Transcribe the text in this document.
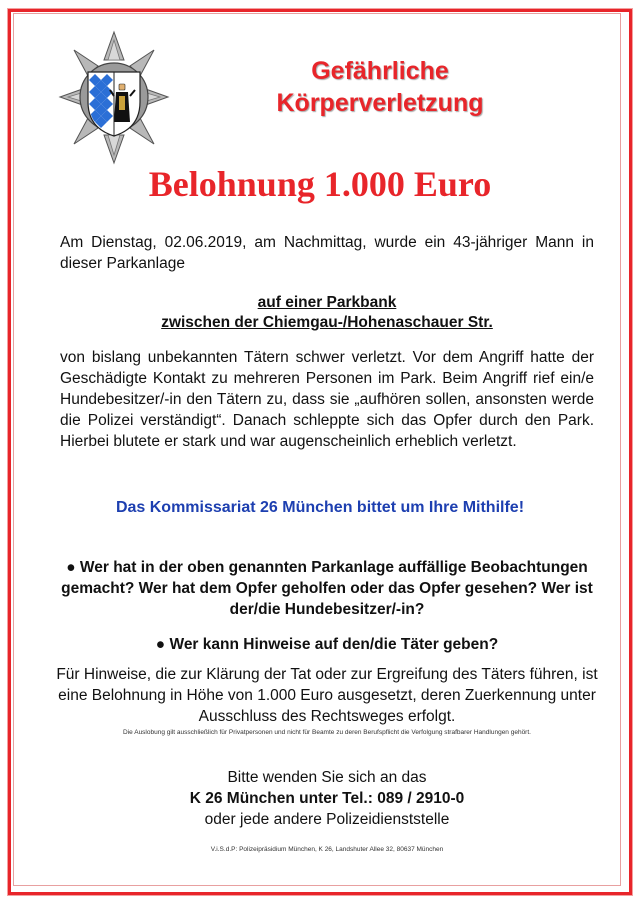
Gefährliche
Körperverletzung
Belohnung 1.000 Euro
Am Dienstag, 02.06.2019, am Nachmittag, wurde ein 43-jähriger Mann in dieser Parkanlage
auf einer Parkbank
zwischen der Chiemgau-/Hohenaschauer Str.
von bislang unbekannten Tätern schwer verletzt. Vor dem Angriff hatte der Geschädigte Kontakt zu mehreren Personen im Park. Beim Angriff rief ein/e Hundebesitzer/-in den Tätern zu, dass sie „aufhören sollen, ansonsten werde die Polizei verständigt“. Danach schleppte sich das Opfer durch den Park. Hierbei blutete er stark und war augenscheinlich erheblich verletzt.
Das Kommissariat 26 München bittet um Ihre Mithilfe!
● Wer hat in der oben genannten Parkanlage auffällige Beobachtungen gemacht? Wer hat dem Opfer geholfen oder das Opfer gesehen? Wer ist der/die Hundebesitzer/-in?
● Wer kann Hinweise auf den/die Täter geben?
Für Hinweise, die zur Klärung der Tat oder zur Ergreifung des Täters führen, ist eine Belohnung in Höhe von 1.000 Euro ausgesetzt, deren Zuerkennung unter Ausschluss des Rechtsweges erfolgt.
Die Auslobung gilt ausschließlich für Privatpersonen und nicht für Beamte zu deren Berufspflicht die Verfolgung strafbarer Handlungen gehört.
Bitte wenden Sie sich an das
K 26 München unter Tel.: 089 / 2910-0
oder jede andere Polizeidienststelle
V.i.S.d.P: Polizeipräsidium München, K 26, Landshuter Allee 32, 80637 München
